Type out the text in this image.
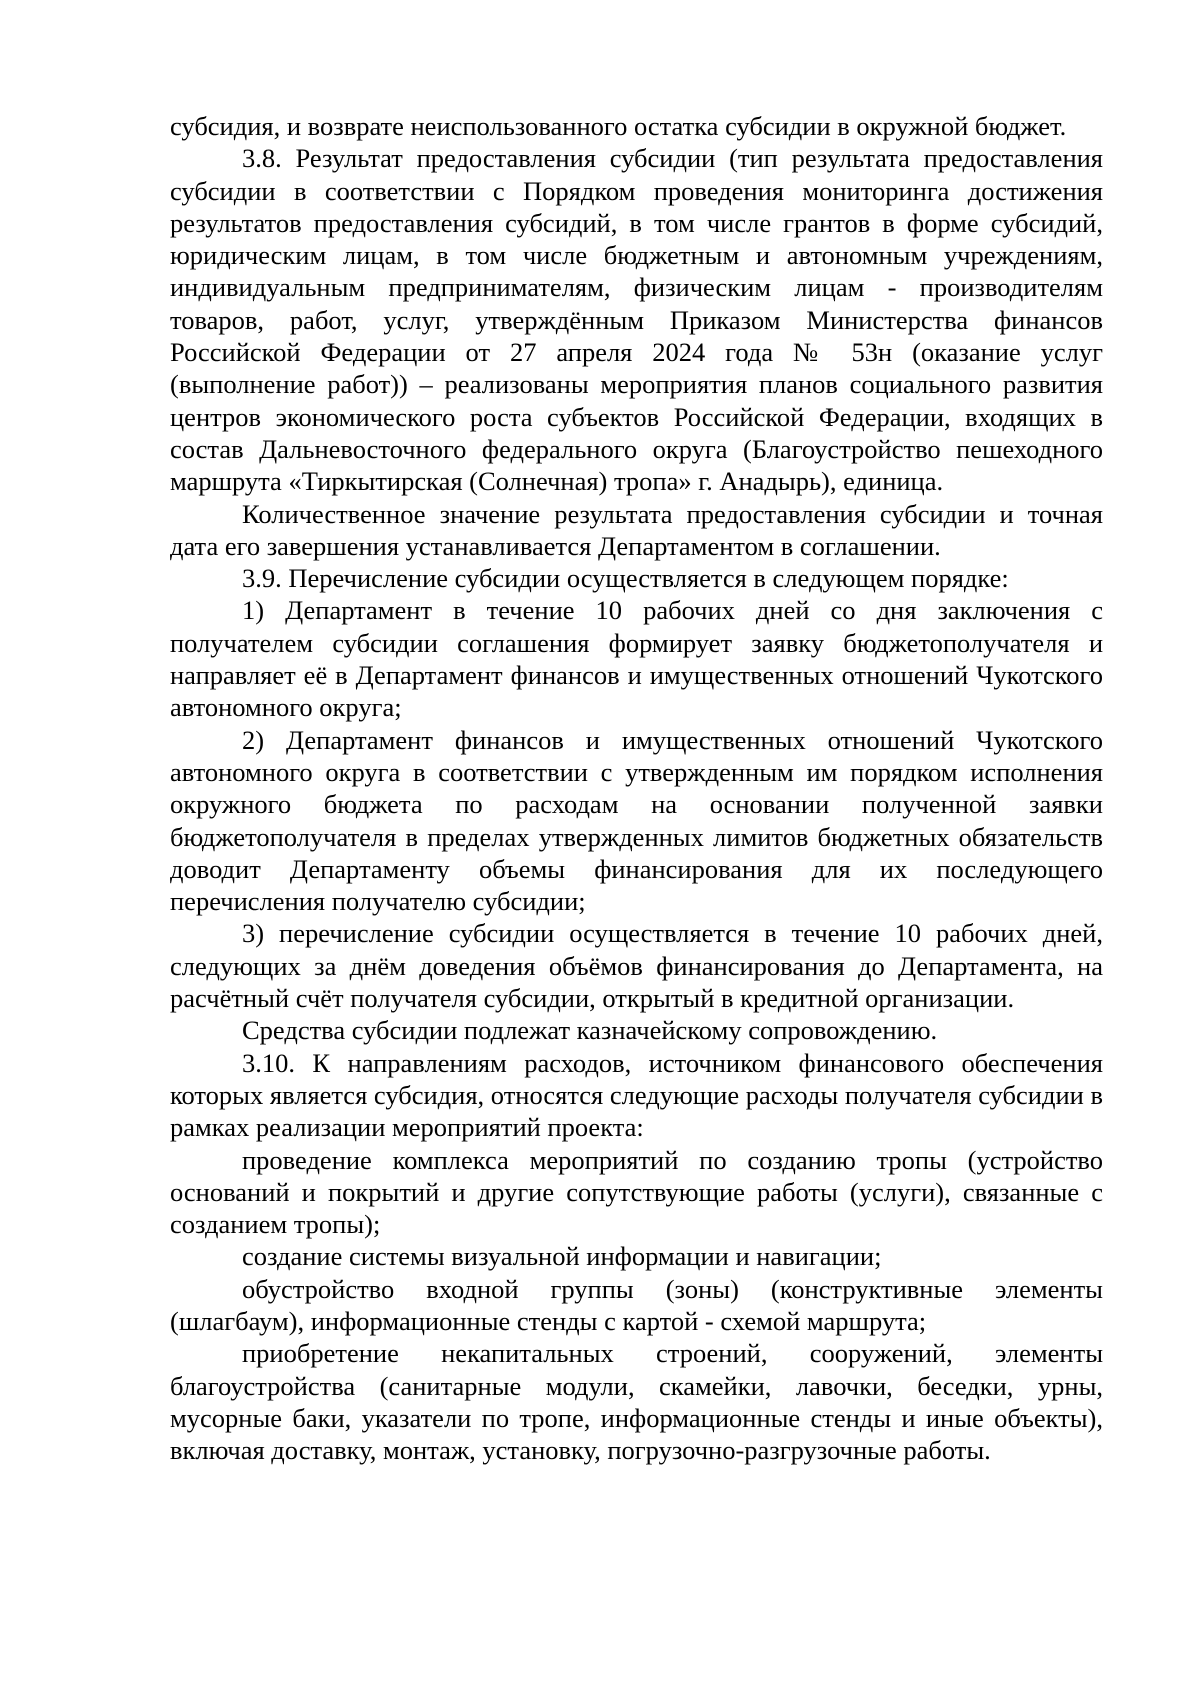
субсидия, и возврате неиспользованного остатка субсидии в окружной бюджет.

3.8. Результат предоставления субсидии (тип результата предоставления субсидии в соответствии с Порядком проведения мониторинга достижения результатов предоставления субсидий, в том числе грантов в форме субсидий, юридическим лицам, в том числе бюджетным и автономным учреждениям, индивидуальным предпринимателям, физическим лицам - производителям товаров, работ, услуг, утверждённым Приказом Министерства финансов Российской Федерации от 27 апреля 2024 года № 53н (оказание услуг (выполнение работ)) – реализованы мероприятия планов социального развития центров экономического роста субъектов Российской Федерации, входящих в состав Дальневосточного федерального округа (Благоустройство пешеходного маршрута «Тиркытирская (Солнечная) тропа» г. Анадырь), единица.

Количественное значение результата предоставления субсидии и точная дата его завершения устанавливается Департаментом в соглашении.

3.9. Перечисление субсидии осуществляется в следующем порядке:

1) Департамент в течение 10 рабочих дней со дня заключения с получателем субсидии соглашения формирует заявку бюджетополучателя и направляет её в Департамент финансов и имущественных отношений Чукотского автономного округа;

2) Департамент финансов и имущественных отношений Чукотского автономного округа в соответствии с утвержденным им порядком исполнения окружного бюджета по расходам на основании полученной заявки бюджетополучателя в пределах утвержденных лимитов бюджетных обязательств доводит Департаменту объемы финансирования для их последующего перечисления получателю субсидии;

3) перечисление субсидии осуществляется в течение 10 рабочих дней, следующих за днём доведения объёмов финансирования до Департамента, на расчётный счёт получателя субсидии, открытый в кредитной организации.

Средства субсидии подлежат казначейскому сопровождению.

3.10. К направлениям расходов, источником финансового обеспечения которых является субсидия, относятся следующие расходы получателя субсидии в рамках реализации мероприятий проекта:

проведение комплекса мероприятий по созданию тропы (устройство оснований и покрытий и другие сопутствующие работы (услуги), связанные с созданием тропы);

создание системы визуальной информации и навигации;

обустройство входной группы (зоны) (конструктивные элементы (шлагбаум), информационные стенды с картой - схемой маршрута;

приобретение некапитальных строений, сооружений, элементы благоустройства (санитарные модули, скамейки, лавочки, беседки, урны, мусорные баки, указатели по тропе, информационные стенды и иные объекты), включая доставку, монтаж, установку, погрузочно-разгрузочные работы.
